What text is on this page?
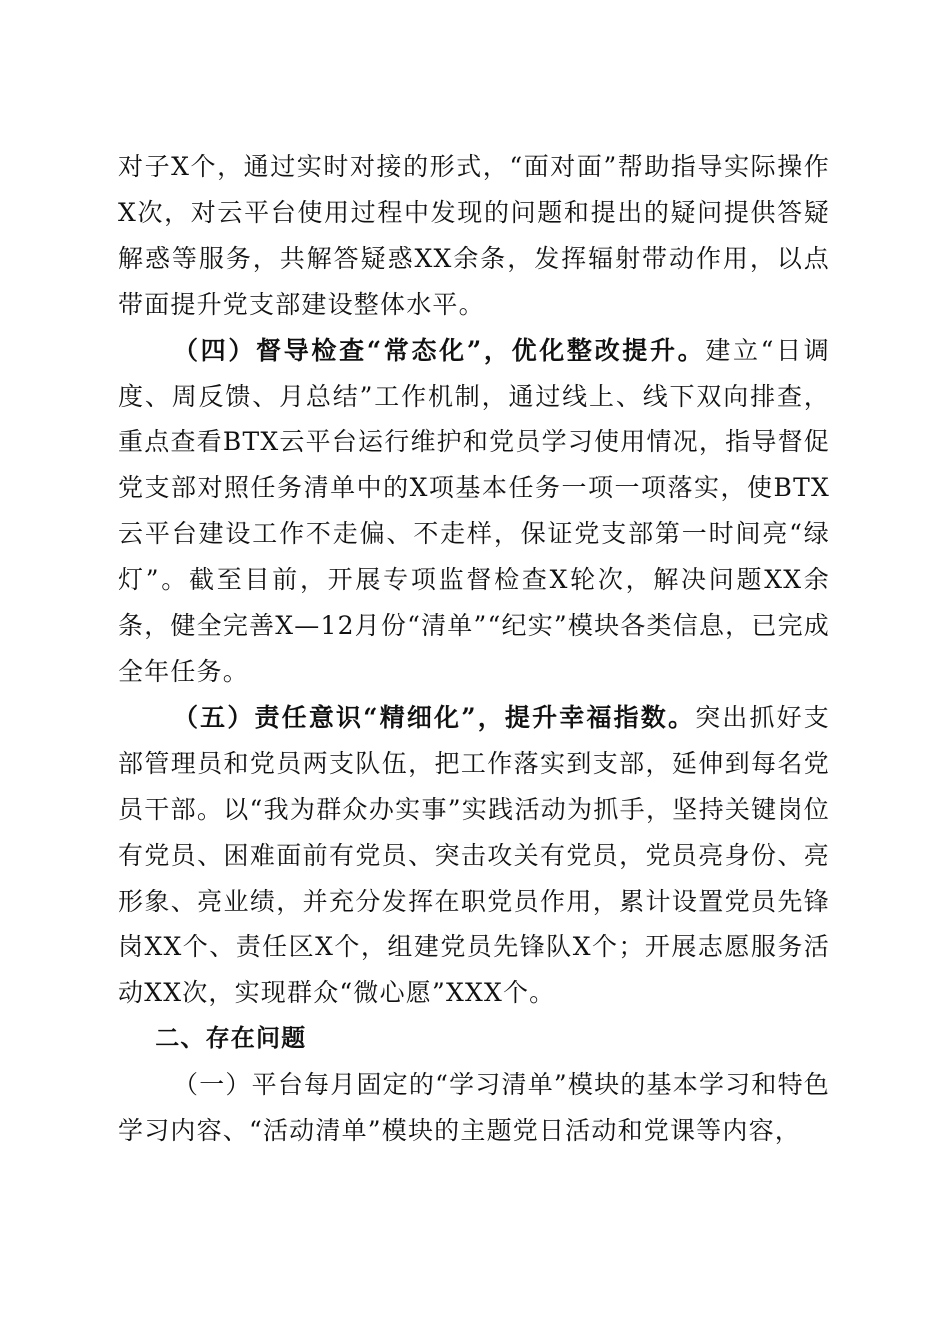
对子X个，通过实时对接的形式，“面对面”帮助指导实际操作X次，对云平台使用过程中发现的问题和提出的疑问提供答疑解惑等服务，共解答疑惑XX余条，发挥辐射带动作用，以点带面提升党支部建设整体水平。

（四）督导检查“常态化”，优化整改提升。建立“日调度、周反馈、月总结”工作机制，通过线上、线下双向排查，重点查看BTX云平台运行维护和党员学习使用情况，指导督促党支部对照任务清单中的X项基本任务一项一项落实，使BTX云平台建设工作不走偏、不走样，保证党支部第一时间亮“绿灯”。截至目前，开展专项监督检查X轮次，解决问题XX余条，健全完善X—12月份“清单”“纪实”模块各类信息，已完成全年任务。

（五）责任意识“精细化”，提升幸福指数。突出抓好支部管理员和党员两支队伍，把工作落实到支部，延伸到每名党员干部。以“我为群众办实事”实践活动为抓手，坚持关键岗位有党员、困难面前有党员、突击攻关有党员，党员亮身份、亮形象、亮业绩，并充分发挥在职党员作用，累计设置党员先锋岗XX个、责任区X个，组建党员先锋队X个；开展志愿服务活动XX次，实现群众“微心愿”XXX个。

二、存在问题

（一）平台每月固定的“学习清单”模块的基本学习和特色学习内容、“活动清单”模块的主题党日活动和党课等内容，
